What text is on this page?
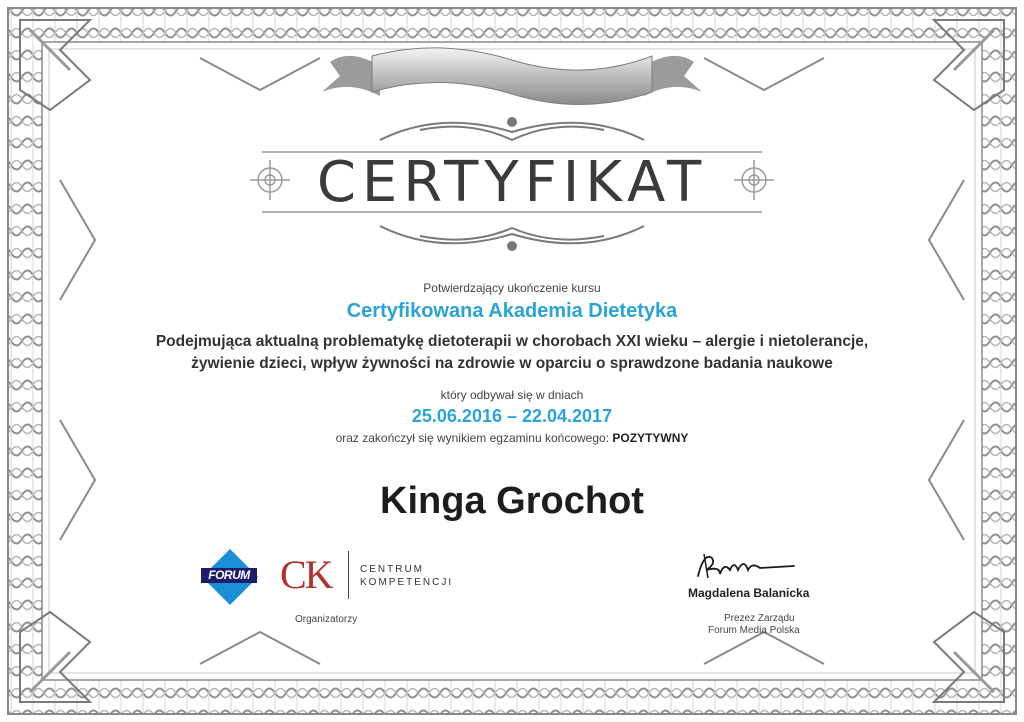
CERTYFIKAT
Potwierdzający ukończenie kursu
Certyfikowana Akademia Dietetyka
Podejmująca aktualną problematykę dietoterapii w chorobach XXI wieku – alergie i nietolerancje,
żywienie dzieci, wpływ żywności na zdrowie w oparciu o sprawdzone badania naukowe
który odbywał się w dniach
25.06.2016 – 22.04.2017
oraz zakończył się wynikiem egzaminu końcowego: POZYTYWNY
Kinga Grochot
FORUM CK	CENTRUM
KOMPETENCJI
Organizatorzy
Magdalena Balanicka
Prezez Zarządu
Forum Media Polska
